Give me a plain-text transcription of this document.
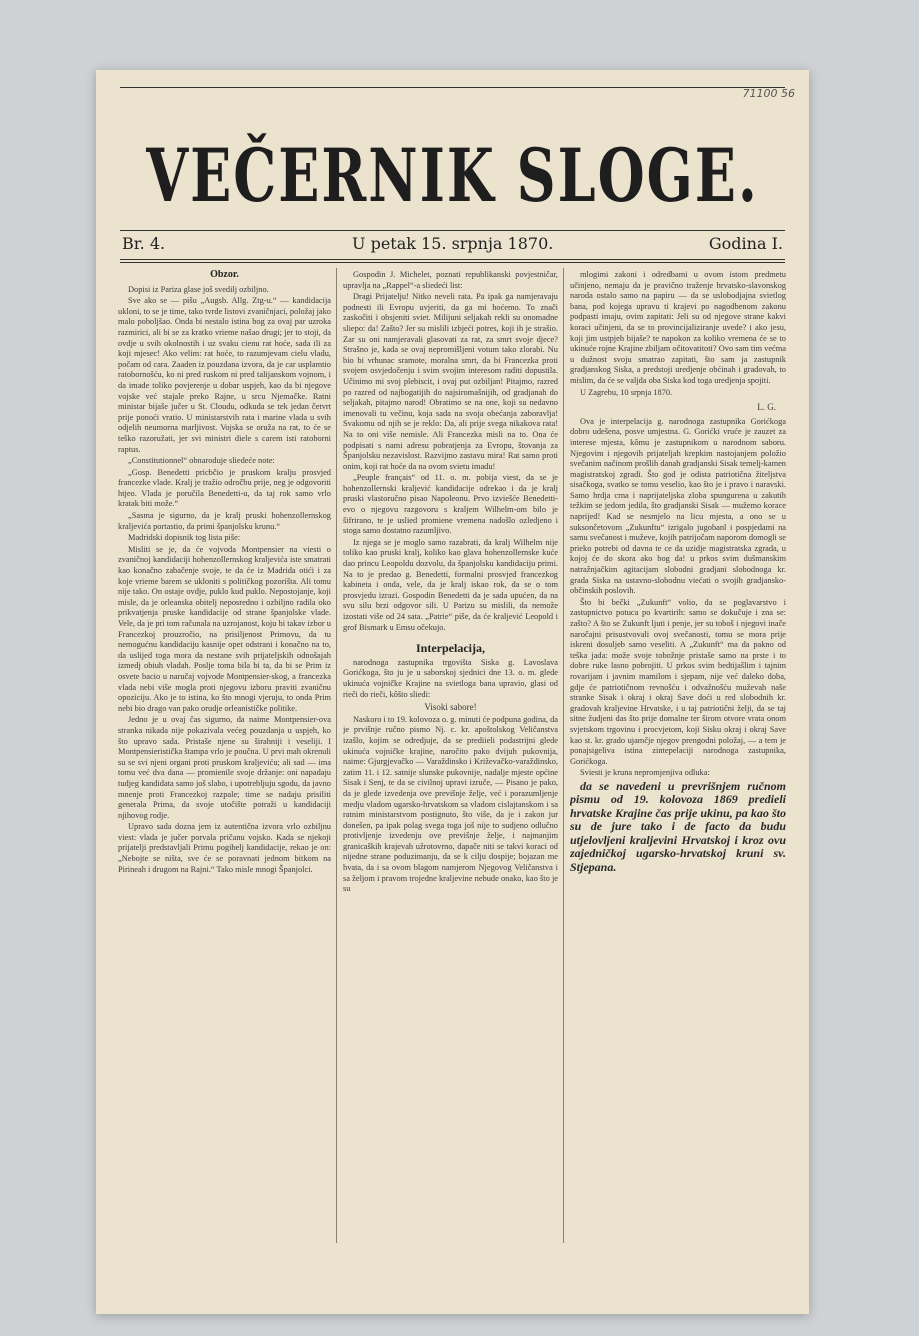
71100 56
VEČERNIK SLOGE.
Br. 4.	U petak 15. srpnja 1870.	Godina I.
Obzor.

Dopisi iz Pariza glase još svedilj ozbiljno.

Sve ako se — pišu „Augsb. Allg. Ztg-u.“ — kandidacija ukloni, to se je time, tako tvrde listovi zvaničnjaci, položaj jako malo poboljšao. Onda bi nestalo istina bog za ovaj par uzroka razmirici, ali bi se za kratko vrieme našao drugi; jer to stoji, da ovdje u svih okolnostih i uz svaku cienu rat hoće, sada ili za koji mjesec! Ako velim: rat hoće, to razumjevam cielu vladu, počam od cara. Zaaden iz pouzdana izvora, da je car usplamtio ratobornošću, ko ni pred ruskom ni pred talijanskom vojnom, i da imade toliko povjerenje u dobar uspjeh, kao da bi njegove vojske već stajale preko Rajne, u srcu Njemačke. Ratni ministar bijaše jučer u St. Cloudu, odkuda se tek jedan četvrt prije ponoći vratio. U ministarstvih rata i marine vlada u svih odjelih neumorna marljivost. Vojska se oruža na rat, to će se teško razoružati, jer svi ministri diele s carem isti ratoborni raptus.

„Constitutionnel“ obnaroduje sliedeće note:

„Gosp. Benedetti pricbčio je pruskom kralju prosvjed francezke vlade. Kralj je tražio odročbu prije, neg je odgovoriti htjeo. Vlada je poručila Benedetti-u, da taj rok samo vrlo kratak biti može.“

„Sasma je sigurno, da je kralj pruski hohenzollernskog kraljevića portastio, da primi španjolsku krunu.“

Madridski dopisnik tog lista piše:

Misliti se je, da će vojvoda Montpensier na viesti o zvaničnoj kandidaciji hohenzollernskog kraljevića iste smatrati kao konačno zabačenje svoje, te da će iz Madrida otići i za koje vrieme barem se ukloniti s političkog pozorišta. Ali tomu nije tako. On ostaje ovdje, puklo kud puklo. Nepostojanje, koji misle, da je orleanska obitelj neposredno i ozbiljno radila oko prikvatjenja pruske kandidacije od strane španjolske vlade. Vele, da je pri tom računala na uzrojanost, koju bi takav izbor u Francezkoj prouzročio, na prisiljenost Primovu, da tu nemogućnu kandidaciju kasnije opet odstrani i konačno na to, da uslijed toga mora da nestane svih prijateljskih odnošajah izmedj obiuh vladah. Poslje toma bila bi ta, da bi se Prim iz osvete bacio u naručaj vojvode Montpensier-skog, a francezka vlada nebi više mogla proti njegovu izboru praviti zvaničnu opoziciju. Ako je to istina, ko što mnogi vjeruju, to onda Prim nebi bio drago van pako orudje orleanističke politike.

Jedno je u ovaj čas sigurno, da naime Montpensier-ova stranka nikada nije pokazivala većeg pouzdanja u uspjeh, ko što upravo sada. Pristaše njene su širahniji i veseliji. I Montpensieristička štampa vrlo je poučna. U prvi mah okrenuli su se svi njeni organi proti pruskom kraljeviću; ali sad — ima tomu već dva dana — promienile svoje držanje: oni napadaju tudjeg kandidata samo još slabo, i upotrebljuju sgodu, da javno mnenje proti Francezkoj razpale; time se nadaju prisiliti generala Prima, da svoje utočište potraži u kandidaciji njihovog rodje.

Upravo sada dozna jem iz autentična izvora vrlo ozbiljnu viest: vlada je jučer porvala pričanu vojsko. Kada se njekoji prijatelji predstavljali Primu pogibelj kandidacije, rekao je on: „Nebojte se ništa, sve će se poravnati jednom bitkom na Pirineah i drugom na Rajni.“ Tako misle mnogi Španjolci.

Gospodin J. Michelet, poznati republikanski povjestničar, upravlja na „Rappel“-a sliedeći list:

Dragi Prijatelju! Nitko neveli rata. Pa ipak ga namjeravaju podnesti ili Evropu uvjeriti, da ga mi hoćemo. To znači zaskočiti i obsjeniti sviet. Milijuni seljakah rekli su onomadne sliepo: da! Zašto? Jer su mislili izbjeći potres, koji ih je strašio. Zar su oni namjeravali glasovati za rat, za smrt svoje djece? Strašno je, kada se ovaj nepromišljeni votum tako zlorabi. Nu bio bi vrhunac sramote, moralna smrt, da bi Francezka proti svojem osvjedočenju i svim svojim interesom raditi dopustila. Učinimo mi svoj plebiscit, i ovaj put ozbiljan! Pitajmo, razred po razred od najbogatijih do najsiromašnijih, od gradjanah do seljakah, pitajmo narod! Obratimo se na one, koji su nedavno imenovali tu večinu, koja sada na svoja obećanja zaboravlja! Svakomu od njih se je reklo: Da, ali prije svega nikakova rata! Na to oni više nemisle. Ali Francezka misli na to. Ona će podpisati s nami adresu pobratjenja za Evropu, štovanja za Španjolsku nezavislost. Razvijmo zastavu mira! Rat samo proti onim, koji rat hoće da na ovom svietu imadu!

„Peuple français“ od 11. o. m. pobija viest, da se je hohenzollernski kraljević kandidacije odrekao i da je kralj pruski vlastoručno pisao Napoleonu. Prvo izviešće Benedetti-evo o njegovu razgovoru s kraljem Wilhelm-om bilo je šifrirano, te je uslied promiene vremena nadošlo ozledjeno i stoga samo dostatno razumljivo.

Iz njega se je moglo samo razabrati, da kralj Wilhelm nije toliko kao pruski kralj, koliko kao glava hohenzollernske kuće dao princu Leopoldu dozvolu, da španjolsku kandidaciju primi. Na to je predao g. Benedetti, formalni prosvjed francezkog kabineta i onda, vele, da je kralj iskao rok, da se o tom prosvjedu izrazi. Gospodin Benedetti da je sada upućen, da na svu silu brzi odgovor sili. U Parizu su mislili, da nemože izostati više od 24 sata. „Patrie“ piše, da će kraljević Leopold i grof Bismark u Emsu očekujo.

Interpelacija,

narodnoga zastupnika trgovišta Siska g. Lavoslava Gorićkoga, što ju je u saborskoj sjednici dne 13. o. m. glede ukinuća vojničke Krajine na svietloga bana upravio, glasi od rieči do rieči, kôšto sliedi:

Visoki sabore!

Naskoro i to 19. kolovoza o. g. minuti će podpuna godina, da je prvišnje ručno pismo Nj. c. kr. apoštolskog Veličanstva izašlo, kojim se odredjuje, da se prediieli podastrijni glede ukinuća vojničke krajine, naročito pako dvijuh pukovnija, naime: Gjurgjevačko — Varaždinsko i Križevačko-varaždinsko, zatim 11. i 12. satnije slunske pukovnije, nadalje mjeste općine Sisak i Senj, te da se civilnoj upravi izruče, — Pisano je pako, da je glede izvedenja ove previšnje želje, već i porazumljenje medju vladom ugarsko-hrvatskom sa vladom cislajtanskom i sa ratnim ministarstvom postignuto, što više, da je i zakon jur donešen, pa ipak polag svega toga još nije to sudjeno odlučno protivljenje izvedenju ove previšnje želje, i najmanjim granicaških krajevah užrotovrno, dapače niti se takvi koraci od nijedne strane poduzimanju, da se k cilju dospije; bojazan me hvata, da i sa ovom blagom namjerom Njegovog Veličanstva i sa željom i pravom trojedne kraljevine nebude onako, kao što je su

mlogimi zakoni i odredbami u ovom istom predmetu učinjeno, nemaju da je pravično traženje hrvatsko-slavonskog naroda ostalo samo na papiru — da se uslobodjajna svietlog bana, pod kojega upravu ti krajevi po nagodbenom zakonu podpasti imaju, ovim zapitati: Jeli su od njegove strane kakvi koraci učinjeni, da se to provincijaliziranje uvede? i ako jesu, koji jim ustpjeh bijaše? te napokon za koliko vremena će se to ukinuće rojne Krajine zbiljam očitovatitoti? Ovo sam tim većma u dužnost svoju smatrao zapitati, što sam ja zastupnik gradjanskog Siska, a predstoji uredjenje obćinah i gradovah, to mislim, da će se valjda oba Siska kod toga uredjenja spojiti.

U Zagrebu, 10 srpnja 1870.

L. G.

Ova je interpelacija g. narodnoga zastupnika Gorićkoga dobro udešena, posve umjestna. G. Gorićki vruće je zauzet za interese mjesta, kômu je zastupnikom u narodnom saboru. Njegovim i njegovih prijateljah krepkim nastojanjem položio svečanim načinom prošlih danah gradjanski Sisak temelj-kamen magistratskoj zgradi. Što god je odista patriotična žiteljstva sisačkoga, svatko se tomu veselio, kao što je i pravo i naravski. Samo hrdja crna i naprijateljska zloba spungurena u zakutih težkim se jedom jedila, što gradjanski Sisak — mužemo korace naprijed! Kad se nesmjelo na licu mjesta, a ono se u suksončetovom „Zukunftu“ izrigalo jugobanl i pospjedami na samu svečanost i muževe, kojih patrijočam naporom domogli se prieko potrebi od davna te ce da uzidje magistratska zgrada, u kojoj će do skora ako bog da! u prkos svim dušmanskim natražnjačkim agitacijam slobodni gradjani slobodnoga kr. grada Siska na ustavno-slobodnu viećati o svojih gradjansko-občinskih poslovih.

Što bi bečki „Zukunft“ volio, da se poglavarstvo i zastupnictvo potuca po kvartirih: samo se dokučuje i zna se: zašto? A što se Zukunft ljuti i penje, jer su toboš i njegovi inače naročajni prisustvovali ovoj svečanosti, tomu se mora prije iskreni dosuljeb samo veseliti. A „Zukunft“ ma da pakno od teška jada: može svoje tobožnje pristaše samo na prste i to dobre ruke lasno pobrojiti. U prkos svim bedtijašlim i tajnim rovarijam i javnim mamilom i sjepam, nije već daleko doba, gdje će patriotičnom revnošću i odvažnošću muževah naše stranke Sisak i okraj i okraj Save doći u red slobodnih kr. gradovah kraljevine Hrvatske, i u taj patriotični želji, da se taj sitne žudjeni das što prije domalne ter širom otvore vrata onom svjetskom trgovinu i procvjetom, koji Sisku okraj i okraj Save kao st. kr. grado ujamčje njegov prengodni položaj, — a tem je ponajsigeliva istina zintepelaciji narodnoga zastupnika, Gorićkoga.

Sviesti je kruna nepromjenjiva odluka:

da se navedeni u prevrišnjem ručnom pismu od 19. kolovoza 1869 predieli hrvatske Krajine čas prije ukinu, pa kao što su de jure tako i de facto da budu utjelovljeni kraljevini Hrvatskoj i kroz ovu zajedničkoj ugarsko-hrvatskoj kruni sv. Stjepana.
